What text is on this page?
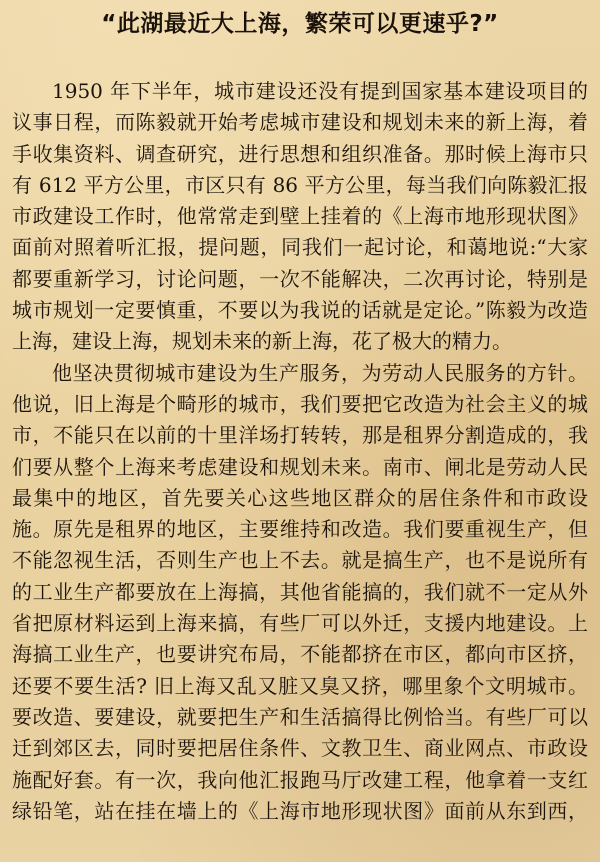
“此湖最近大上海，繁荣可以更速乎?”

1950 年下半年，城市建设还没有提到国家基本建设项目的

议事日程，而陈毅就开始考虑城市建设和规划未来的新上海，着

手收集资料、调查研究，进行思想和组织准备。那时候上海市只

有 612 平方公里，市区只有 86 平方公里，每当我们向陈毅汇报

市政建设工作时，他常常走到壁上挂着的《上海市地形现状图》

面前对照着听汇报，提问题，同我们一起讨论，和蔼地说:“大家

都要重新学习，讨论问题，一次不能解决，二次再讨论，特别是

城市规划一定要慎重，不要以为我说的话就是定论。”陈毅为改造

上海，建设上海，规划未来的新上海，花了极大的精力。

他坚决贯彻城市建设为生产服务，为劳动人民服务的方针。

他说，旧上海是个畸形的城市，我们要把它改造为社会主义的城

市，不能只在以前的十里洋场打转转，那是租界分割造成的，我

们要从整个上海来考虑建设和规划未来。南市、闸北是劳动人民

最集中的地区，首先要关心这些地区群众的居住条件和市政设

施。原先是租界的地区，主要维持和改造。我们要重视生产，但

不能忽视生活，否则生产也上不去。就是搞生产，也不是说所有

的工业生产都要放在上海搞，其他省能搞的，我们就不一定从外

省把原材料运到上海来搞，有些厂可以外迁，支援内地建设。上

海搞工业生产，也要讲究布局，不能都挤在市区，都向市区挤，

还要不要生活? 旧上海又乱又脏又臭又挤，哪里象个文明城市。

要改造、要建设，就要把生产和生活搞得比例恰当。有些厂可以

迁到郊区去，同时要把居住条件、文教卫生、商业网点、市政设

施配好套。有一次，我向他汇报跑马厅改建工程，他拿着一支红

绿铅笔，站在挂在墙上的《上海市地形现状图》面前从东到西，
